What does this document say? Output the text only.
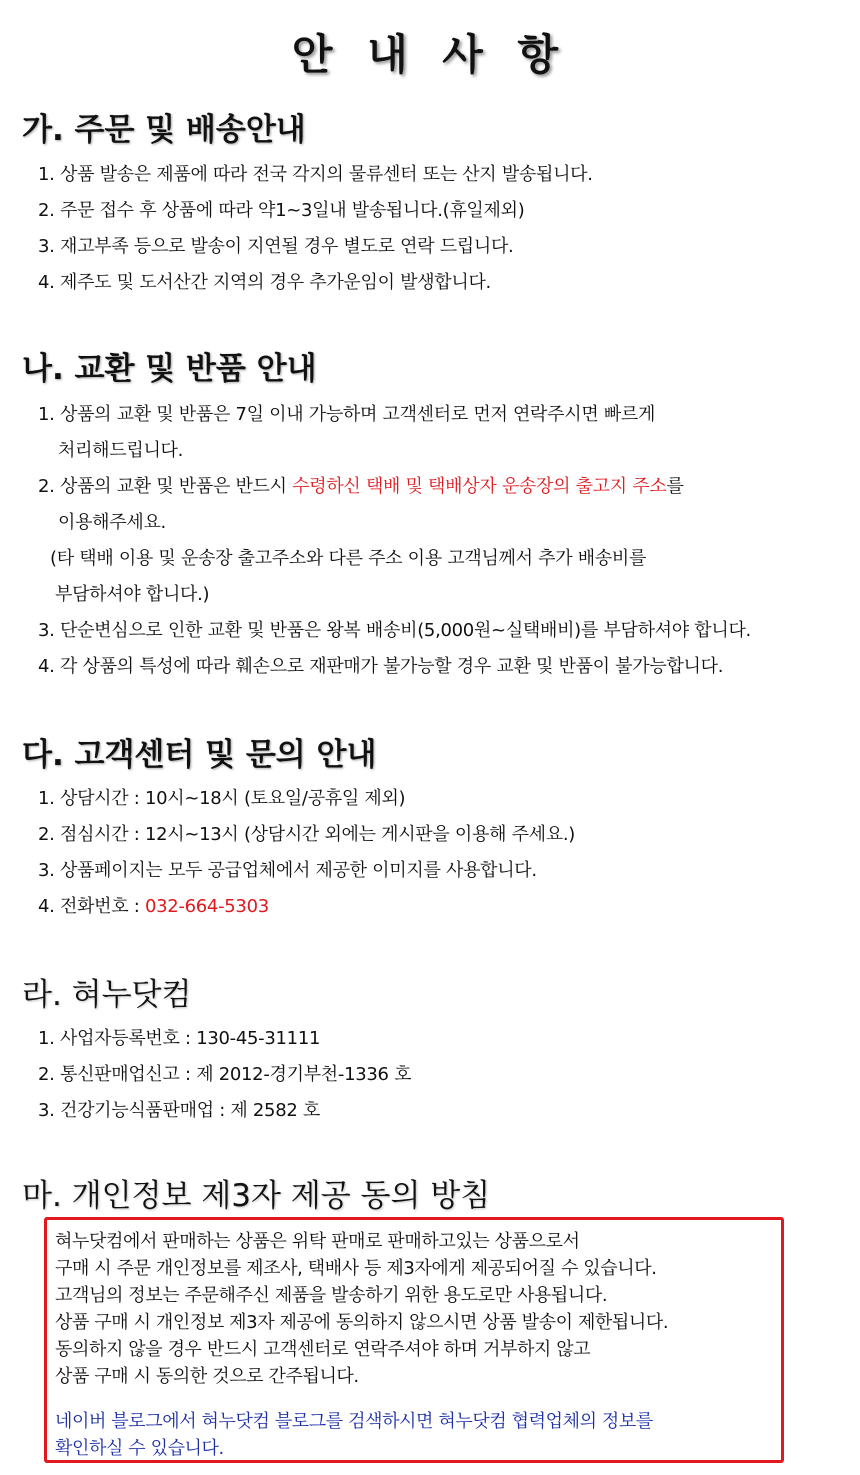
안 내 사 항
가. 주문 및 배송안내
1. 상품 발송은 제품에 따라 전국 각지의 물류센터 또는 산지 발송됩니다.
2. 주문 접수 후 상품에 따라 약1~3일내 발송됩니다.(휴일제외)
3. 재고부족 등으로 발송이 지연될 경우 별도로 연락 드립니다.
4. 제주도 및 도서산간 지역의 경우 추가운임이 발생합니다.
나. 교환 및 반품 안내
1. 상품의 교환 및 반품은 7일 이내 가능하며 고객센터로 먼저 연락주시면 빠르게
처리해드립니다.
2. 상품의 교환 및 반품은 반드시 수령하신 택배 및 택배상자 운송장의 출고지 주소를
이용해주세요.
(타 택배 이용 및 운송장 출고주소와 다른 주소 이용 고객님께서 추가 배송비를
부담하셔야 합니다.)
3. 단순변심으로 인한 교환 및 반품은 왕복 배송비(5,000원~실택배비)를 부담하셔야 합니다.
4. 각 상품의 특성에 따라 훼손으로 재판매가 불가능할 경우 교환 및 반품이 불가능합니다.
다. 고객센터 및 문의 안내
1. 상담시간 : 10시~18시 (토요일/공휴일 제외)
2. 점심시간 : 12시~13시 (상담시간 외에는 게시판을 이용해 주세요.)
3. 상품페이지는 모두 공급업체에서 제공한 이미지를 사용합니다.
4. 전화번호 : 032-664-5303
라. 혀누닷컴
1. 사업자등록번호 : 130-45-31111
2. 통신판매업신고 : 제 2012-경기부천-1336 호
3. 건강기능식품판매업 : 제 2582 호
마. 개인정보 제3자 제공 동의 방침
혀누닷컴에서 판매하는 상품은 위탁 판매로 판매하고있는 상품으로서
구매 시 주문 개인정보를 제조사, 택배사 등 제3자에게 제공되어질 수 있습니다.
고객님의 정보는 주문해주신 제품을 발송하기 위한 용도로만 사용됩니다.
상품 구매 시 개인정보 제3자 제공에 동의하지 않으시면 상품 발송이 제한됩니다.
동의하지 않을 경우 반드시 고객센터로 연락주셔야 하며 거부하지 않고
상품 구매 시 동의한 것으로 간주됩니다.
네이버 블로그에서 혀누닷컴 블로그를 검색하시면 혀누닷컴 협력업체의 정보를
확인하실 수 있습니다.
